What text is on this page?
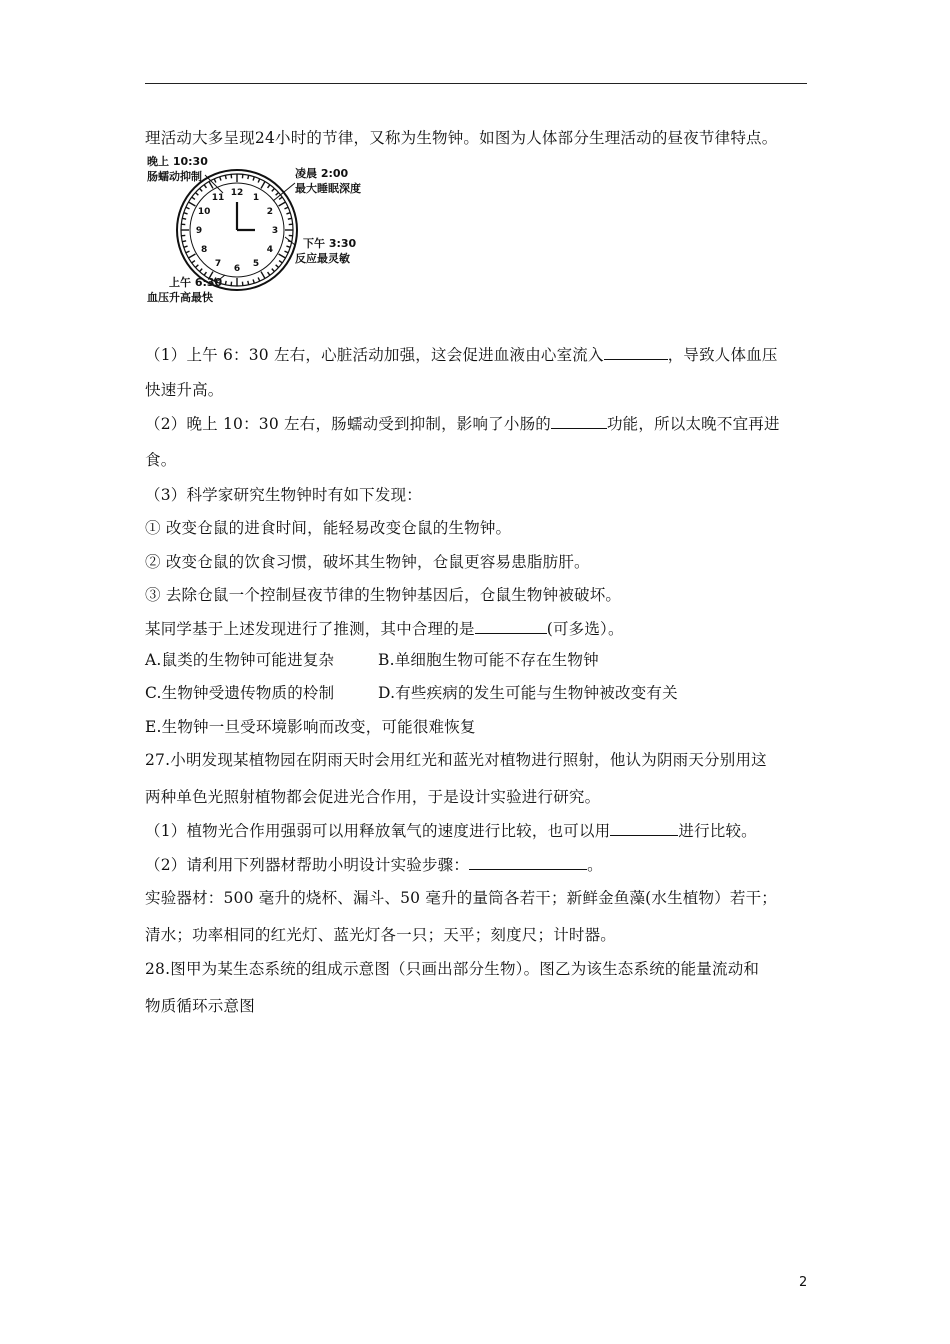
理活动大多呈现24小时的节律，又称为生物钟。如图为人体部分生理活动的昼夜节律特点。
12
1
2
3
4
5
6
7
8
9
10
11
晚上 10:30
肠蠕动抑制	凌晨 2:00
最大睡眠深度
下午 3:30
反应最灵敏
上午 6:30
血压升高最快
（1）上午 6：30 左右，心脏活动加强，这会促进血液由心室流入	，导致人体血压
快速升高。
（2）晚上 10：30 左右，肠蠕动受到抑制，影响了小肠的	功能，所以太晚不宜再进
食。
（3）科学家研究生物钟时有如下发现：
① 改变仓鼠的进食时间，能轻易改变仓鼠的生物钟。
② 改变仓鼠的饮食习惯，破坏其生物钟，仓鼠更容易患脂肪肝。
③ 去除仓鼠一个控制昼夜节律的生物钟基因后，仓鼠生物钟被破坏。
某同学基于上述发现进行了推测，其中合理的是	(可多选）。
A.鼠类的生物钟可能进复杂	B.单细胞生物可能不存在生物钟
C.生物钟受遗传物质的柃制	D.有些疾病的发生可能与生物钟被改变有关
E.生物钟一旦受环境影响而改变，可能很难恢复
27.小明发现某植物园在阴雨天时会用红光和蓝光对植物进行照射，他认为阴雨天分别用这
两种单色光照射植物都会促进光合作用，于是设计实验进行研究。
（1）植物光合作用强弱可以用释放氧气的速度进行比较，也可以用	进行比较。
（2）请利用下列器材帮助小明设计实验步骤：	。
实验器材：500 毫升的烧杯、漏斗、50 毫升的量筒各若干；新鲜金鱼藻(水生植物）若干；
清水；功率相同的红光灯、蓝光灯各一只；天平；刻度尺；计时器。
28.图甲为某生态系统的组成示意图（只画出部分生物）。图乙为该生态系统的能量流动和
物质循环示意图
2
